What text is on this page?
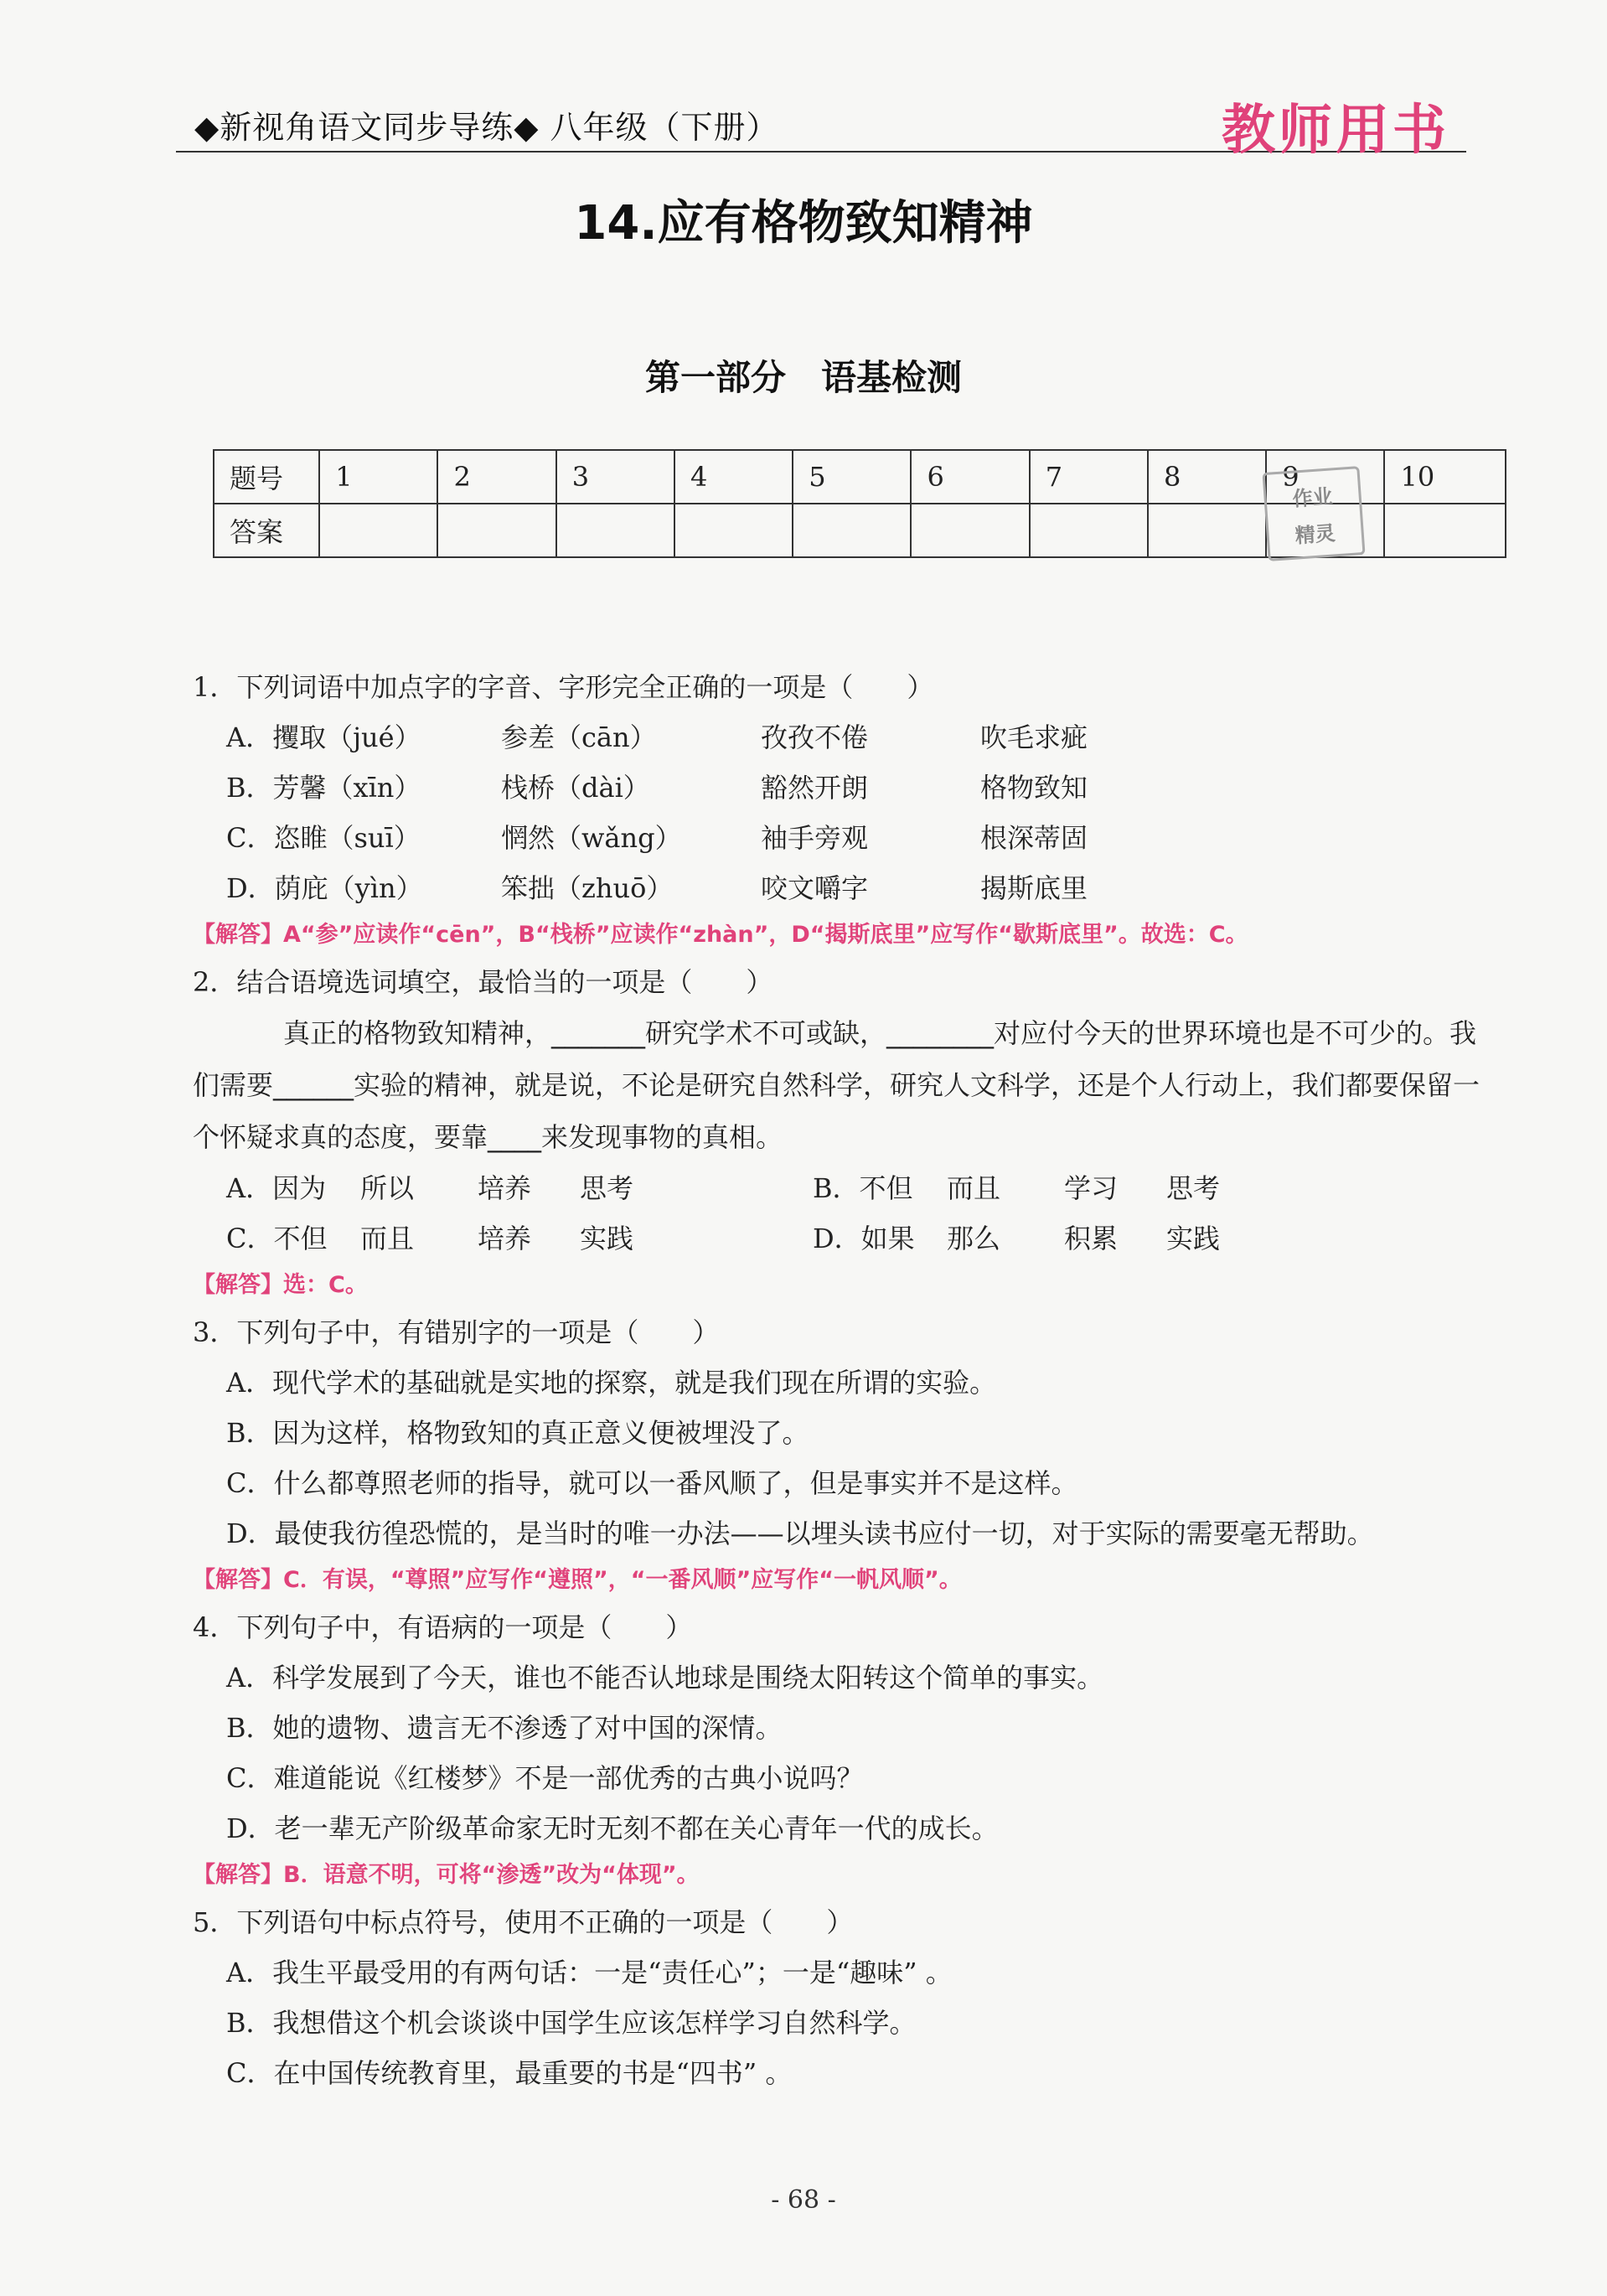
◆新视角语文同步导练◆ 八年级（下册）	教师用书
14.应有格物致知精神
第一部分　语基检测
题号	1	2	3	4	5	6	7	8	9	10
答案										
作业
精灵
1．下列词语中加点字的字音、字形完全正确的一项是（　　）
A．攫取（jué）	参差（cān）	孜孜不倦	吹毛求疵
B．芳馨（xīn）	栈桥（dài）	豁然开朗	格物致知
C．恣睢（suī）	惘然（wǎng）	袖手旁观	根深蒂固
D．荫庇（yìn）	笨拙（zhuō）	咬文嚼字	揭斯底里
【解答】A“参”应读作“cēn”，B“栈桥”应读作“zhàn”，D“揭斯底里”应写作“歇斯底里”。故选：C。
2．结合语境选词填空，最恰当的一项是（　　）
真正的格物致知精神，_______研究学术不可或缺，________对应付今天的世界环境也是不可少的。我们需要______实验的精神，就是说，不论是研究自然科学，研究人文科学，还是个人行动上，我们都要保留一个怀疑求真的态度，要靠____来发现事物的真相。
A．因为	所以	培养	思考	B．不但	而且	学习	思考
C．不但	而且	培养	实践	D．如果	那么	积累	实践
【解答】选：C。
3．下列句子中，有错别字的一项是（　　）
A．现代学术的基础就是实地的探察，就是我们现在所谓的实验。
B．因为这样，格物致知的真正意义便被埋没了。
C．什么都尊照老师的指导，就可以一番风顺了，但是事实并不是这样。
D．最使我彷徨恐慌的，是当时的唯一办法——以埋头读书应付一切，对于实际的需要毫无帮助。
【解答】C．有误，“尊照”应写作“遵照”，“一番风顺”应写作“一帆风顺”。
4．下列句子中，有语病的一项是（　　）
A．科学发展到了今天，谁也不能否认地球是围绕太阳转这个简单的事实。
B．她的遗物、遗言无不渗透了对中国的深情。
C．难道能说《红楼梦》不是一部优秀的古典小说吗？
D．老一辈无产阶级革命家无时无刻不都在关心青年一代的成长。
【解答】B．语意不明，可将“渗透”改为“体现”。
5．下列语句中标点符号，使用不正确的一项是（　　）
A．我生平最受用的有两句话：一是“责任心”；一是“趣味” 。
B．我想借这个机会谈谈中国学生应该怎样学习自然科学。
C．在中国传统教育里，最重要的书是“四书” 。
- 68 -
